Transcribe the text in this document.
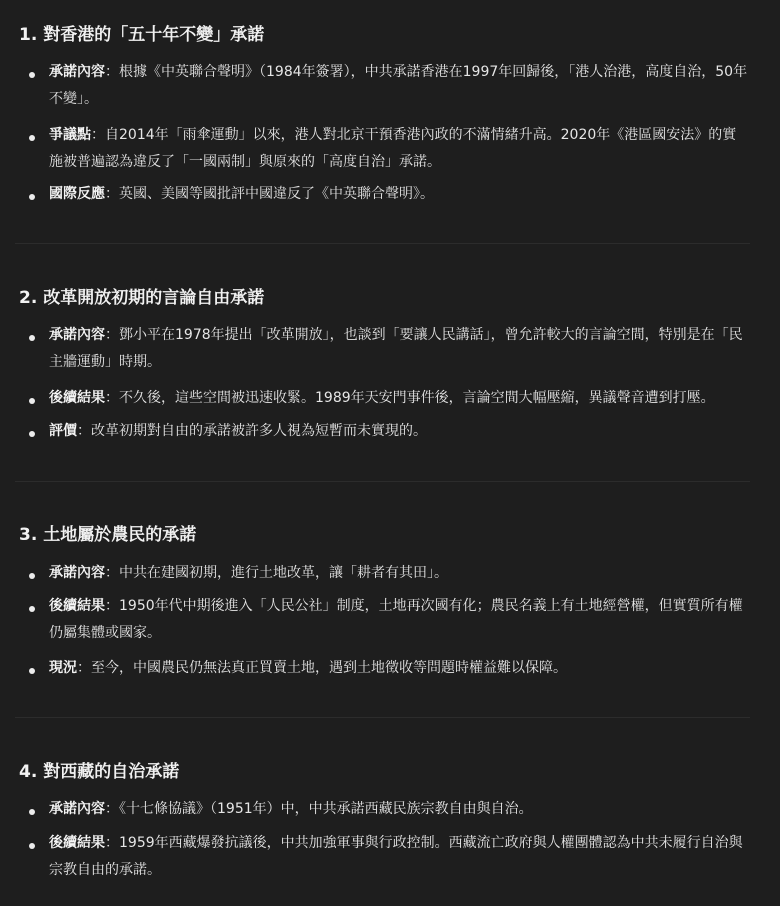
1. 對香港的「五十年不變」承諾
承諾內容：根據《中英聯合聲明》（1984年簽署），中共承諾香港在1997年回歸後，「港人治港，高度自治，50年不變」。
爭議點：自2014年「雨傘運動」以來，港人對北京干預香港內政的不滿情緒升高。2020年《港區國安法》的實施被普遍認為違反了「一國兩制」與原來的「高度自治」承諾。
國際反應：英國、美國等國批評中國違反了《中英聯合聲明》。
2. 改革開放初期的言論自由承諾
承諾內容：鄧小平在1978年提出「改革開放」，也談到「要讓人民講話」，曾允許較大的言論空間，特別是在「民主牆運動」時期。
後續結果：不久後，這些空間被迅速收緊。1989年天安門事件後，言論空間大幅壓縮，異議聲音遭到打壓。
評價：改革初期對自由的承諾被許多人視為短暫而未實現的。
3. 土地屬於農民的承諾
承諾內容：中共在建國初期，進行土地改革，讓「耕者有其田」。
後續結果：1950年代中期後進入「人民公社」制度，土地再次國有化；農民名義上有土地經營權，但實質所有權仍屬集體或國家。
現況：至今，中國農民仍無法真正買賣土地，遇到土地徵收等問題時權益難以保障。
4. 對西藏的自治承諾
承諾內容：《十七條協議》（1951年）中，中共承諾西藏民族宗教自由與自治。
後續結果：1959年西藏爆發抗議後，中共加強軍事與行政控制。西藏流亡政府與人權團體認為中共未履行自治與宗教自由的承諾。
